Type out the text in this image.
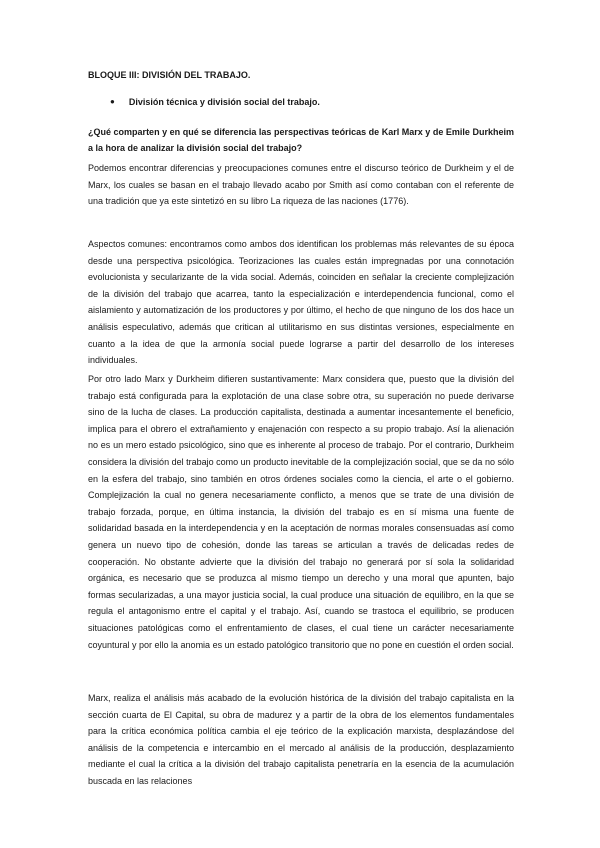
BLOQUE III: DIVISIÓN DEL TRABAJO.

● División técnica y división social del trabajo.

¿Qué comparten y en qué se diferencia las perspectivas teóricas de Karl Marx y de Emile Durkheim a la hora de analizar la división social del trabajo?

Podemos encontrar diferencias y preocupaciones comunes entre el discurso teórico de Durkheim y el de Marx, los cuales se basan en el trabajo llevado acabo por Smith así como contaban con el referente de una tradición que ya este sintetizó en su libro La riqueza de las naciones (1776).

Aspectos comunes: encontramos como ambos dos identifican los problemas más relevantes de su época desde una perspectiva psicológica. Teorizaciones las cuales están impregnadas por una connotación evolucionista y secularizante de la vida social. Además, coinciden en señalar la creciente complejización de la división del trabajo que acarrea, tanto la especialización e interdependencia funcional, como el aislamiento y automatización de los productores y por último, el hecho de que ninguno de los dos hace un análisis especulativo, además que critican al utilitarismo en sus distintas versiones, especialmente en cuanto a la idea de que la armonía social puede lograrse a partir del desarrollo de los intereses individuales.

Por otro lado Marx y Durkheim difieren sustantivamente: Marx considera que, puesto que la división del trabajo está configurada para la explotación de una clase sobre otra, su superación no puede derivarse sino de la lucha de clases. La producción capitalista, destinada a aumentar incesantemente el beneficio, implica para el obrero el extrañamiento y enajenación con respecto a su propio trabajo. Así la alienación no es un mero estado psicológico, sino que es inherente al proceso de trabajo. Por el contrario, Durkheim considera la división del trabajo como un producto inevitable de la complejización social, que se da no sólo en la esfera del trabajo, sino también en otros órdenes sociales como la ciencia, el arte o el gobierno. Complejización la cual no genera necesariamente conflicto, a menos que se trate de una división de trabajo forzada, porque, en última instancia, la división del trabajo es en sí misma una fuente de solidaridad basada en la interdependencia y en la aceptación de normas morales consensuadas así como genera un nuevo tipo de cohesión, donde las tareas se articulan a través de delicadas redes de cooperación. No obstante advierte que la división del trabajo no generará por sí sola la solidaridad orgánica, es necesario que se produzca al mismo tiempo un derecho y una moral que apunten, bajo formas secularizadas, a una mayor justicia social, la cual produce una situación de equilibro, en la que se regula el antagonismo entre el capital y el trabajo. Así, cuando se trastoca el equilibrio, se producen situaciones patológicas como el enfrentamiento de clases, el cual tiene un carácter necesariamente coyuntural y por ello la anomia es un estado patológico transitorio que no pone en cuestión el orden social.

Marx, realiza el análisis más acabado de la evolución histórica de la división del trabajo capitalista en la sección cuarta de El Capital, su obra de madurez y a partir de la obra de los elementos fundamentales para la crítica económica política cambia el eje teórico de la explicación marxista, desplazándose del análisis de la competencia e intercambio en el mercado al análisis de la producción, desplazamiento mediante el cual la crítica a la división del trabajo capitalista penetraría en la esencia de la acumulación buscada en las relaciones
